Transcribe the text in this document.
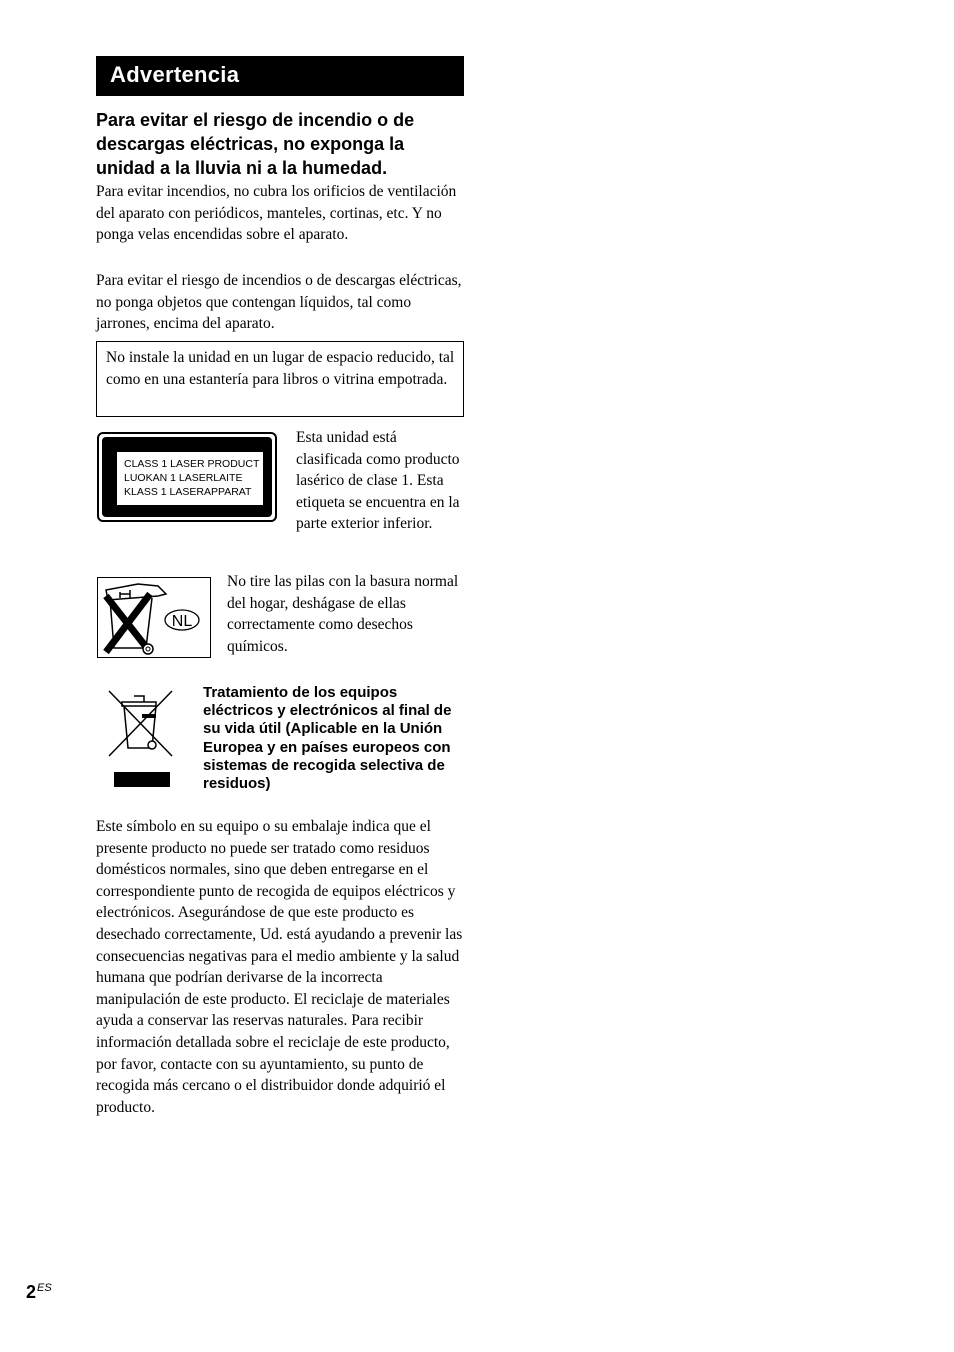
Advertencia
Para evitar el riesgo de incendio o de descargas eléctricas, no exponga la unidad a la lluvia ni a la humedad.

Para evitar incendios, no cubra los orificios de ventilación del aparato con periódicos, manteles, cortinas, etc. Y no ponga velas encendidas sobre el aparato.

Para evitar el riesgo de incendios o de descargas eléctricas, no ponga objetos que contengan líquidos, tal como jarrones, encima del aparato.

No instale la unidad en un lugar de espacio reducido, tal como en una estantería para libros o vitrina empotrada.

CLASS 1 LASER PRODUCT
LUOKAN 1 LASERLAITE
KLASS 1 LASERAPPARAT

Esta unidad está clasificada como producto lasérico de clase 1. Esta etiqueta se encuentra en la parte exterior inferior.

NL

No tire las pilas con la basura normal del hogar, deshágase de ellas correctamente como desechos químicos.

Tratamiento de los equipos eléctricos y electrónicos al final de su vida útil (Aplicable en la Unión Europea y en países europeos con sistemas de recogida selectiva de residuos)

Este símbolo en su equipo o su embalaje indica que el presente producto no puede ser tratado como residuos domésticos normales, sino que deben entregarse en el correspondiente punto de recogida de equipos eléctricos y electrónicos. Asegurándose de que este producto es desechado correctamente, Ud. está ayudando a prevenir las consecuencias negativas para el medio ambiente y la salud humana que podrían derivarse de la incorrecta manipulación de este producto. El reciclaje de materiales ayuda a conservar las reservas naturales. Para recibir información detallada sobre el reciclaje de este producto, por favor, contacte con su ayuntamiento, su punto de recogida más cercano o el distribuidor donde adquirió el producto.

$2^{ES}$
